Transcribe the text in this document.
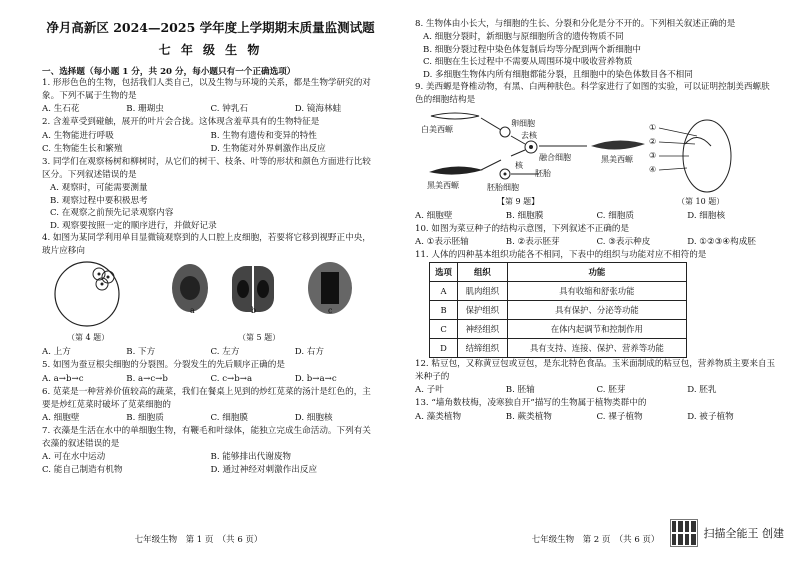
净月高新区 2024—2025 学年度上学期期末质量监测试题
七 年 级 生 物
一、选择题（每小题 1 分，共 20 分，每小题只有一个正确选项）
1. 形形色色的生物，包括我们人类自己，以及生物与环境的关系，都是生物学研究的对象。下列不属于生物的是
A. 生石花	B. 珊瑚虫	C. 钟乳石	D. 镜海林蛙
2. 含羞草受到碰触，展开的叶片会合拢。这体现含羞草具有的生物特征是
A. 生物能进行呼吸	B. 生物有遗传和变异的特性
C. 生物能生长和繁殖	D. 生物能对外界刺激作出反应
3. 同学们在观察杨树和柳树时，从它们的树干、枝条、叶等的形状和颜色方面进行比较区分。下列叙述错误的是
A. 观察时，可能需要测量
B. 观察过程中要积极思考
C. 在观察之前预先记录观察内容
D. 观察要按照一定的顺序进行，并做好记录
4. 如图为某同学利用单目显微镜观察到的人口腔上皮细胞，若要将它移到视野正中央，玻片应移向
a	b	c
（第 4 题）	（第 5 题）
A. 上方	B. 下方	C. 左方	D. 右方
5. 如图为蚕豆根尖细胞的分裂图。分裂发生的先后顺序正确的是
A. a→b→c	B. a→c→b	C. c→b→a	D. b→a→c
6. 苋菜是一种营养价值较高的蔬菜，我们在餐桌上见到的炒红苋菜的汤汁是红色的，主要是炒红苋菜时破坏了苋菜细胞的
A. 细胞壁	B. 细胞质	C. 细胞膜	D. 细胞核
7. 衣藻是生活在水中的单细胞生物，有鞭毛和叶绿体，能独立完成生命活动。下列有关衣藻的叙述错误的是
A. 可在水中运动	B. 能够排出代谢废物
C. 能自己制造有机物	D. 通过神经对刺激作出反应
七年级生物　第 1 页　（共 6 页）
8. 生物体由小长大，与细胞的生长、分裂和分化是分不开的。下列相关叙述正确的是
A. 细胞分裂时，新细胞与原细胞所含的遗传物质不同
B. 细胞分裂过程中染色体复制后均等分配到两个新细胞中
C. 细胞在生长过程中不需要从周围环境中吸收营养物质
D. 多细胞生物体内所有细胞都能分裂，且细胞中的染色体数目各不相同
9. 美西螈是脊椎动物，有黑、白两种肤色。科学家进行了如图的实验，可以证明控制美西螈肤色的细胞结构是
白美西螈
卵细胞
去核
融合细胞	黑美西螈
黑美西螈
胚胎
胚胎细胞
核
①
②
③
④
【第 9 题】	（第 10 题）
A. 细胞壁	B. 细胞膜	C. 细胞质	D. 细胞核
10. 如图为菜豆种子的结构示意图，下列叙述不正确的是
A. ①表示胚轴	B. ②表示胚芽	C. ③表示种皮	D. ①②③④构成胚
11. 人体的四种基本组织功能各不相同，下表中的组织与功能对应不相符的是
选项	组织	功能
A	肌肉组织	具有收缩和舒张功能
B	保护组织	具有保护、分泌等功能
C	神经组织	在体内起调节和控制作用
D	结缔组织	具有支持、连接、保护、营养等功能
12. 粘豆包，又称黄豆包或豆包，是东北特色食品。玉米面制成的粘豆包，营养物质主要来自玉米种子的
A. 子叶	B. 胚轴	C. 胚芽	D. 胚乳
13. “墙角数枝梅，凌寒独自开”描写的生物属于植物类群中的
A. 藻类植物	B. 蕨类植物	C. 裸子植物	D. 被子植物
七年级生物　第 2 页　（共 6 页）	扫描全能王 创建
